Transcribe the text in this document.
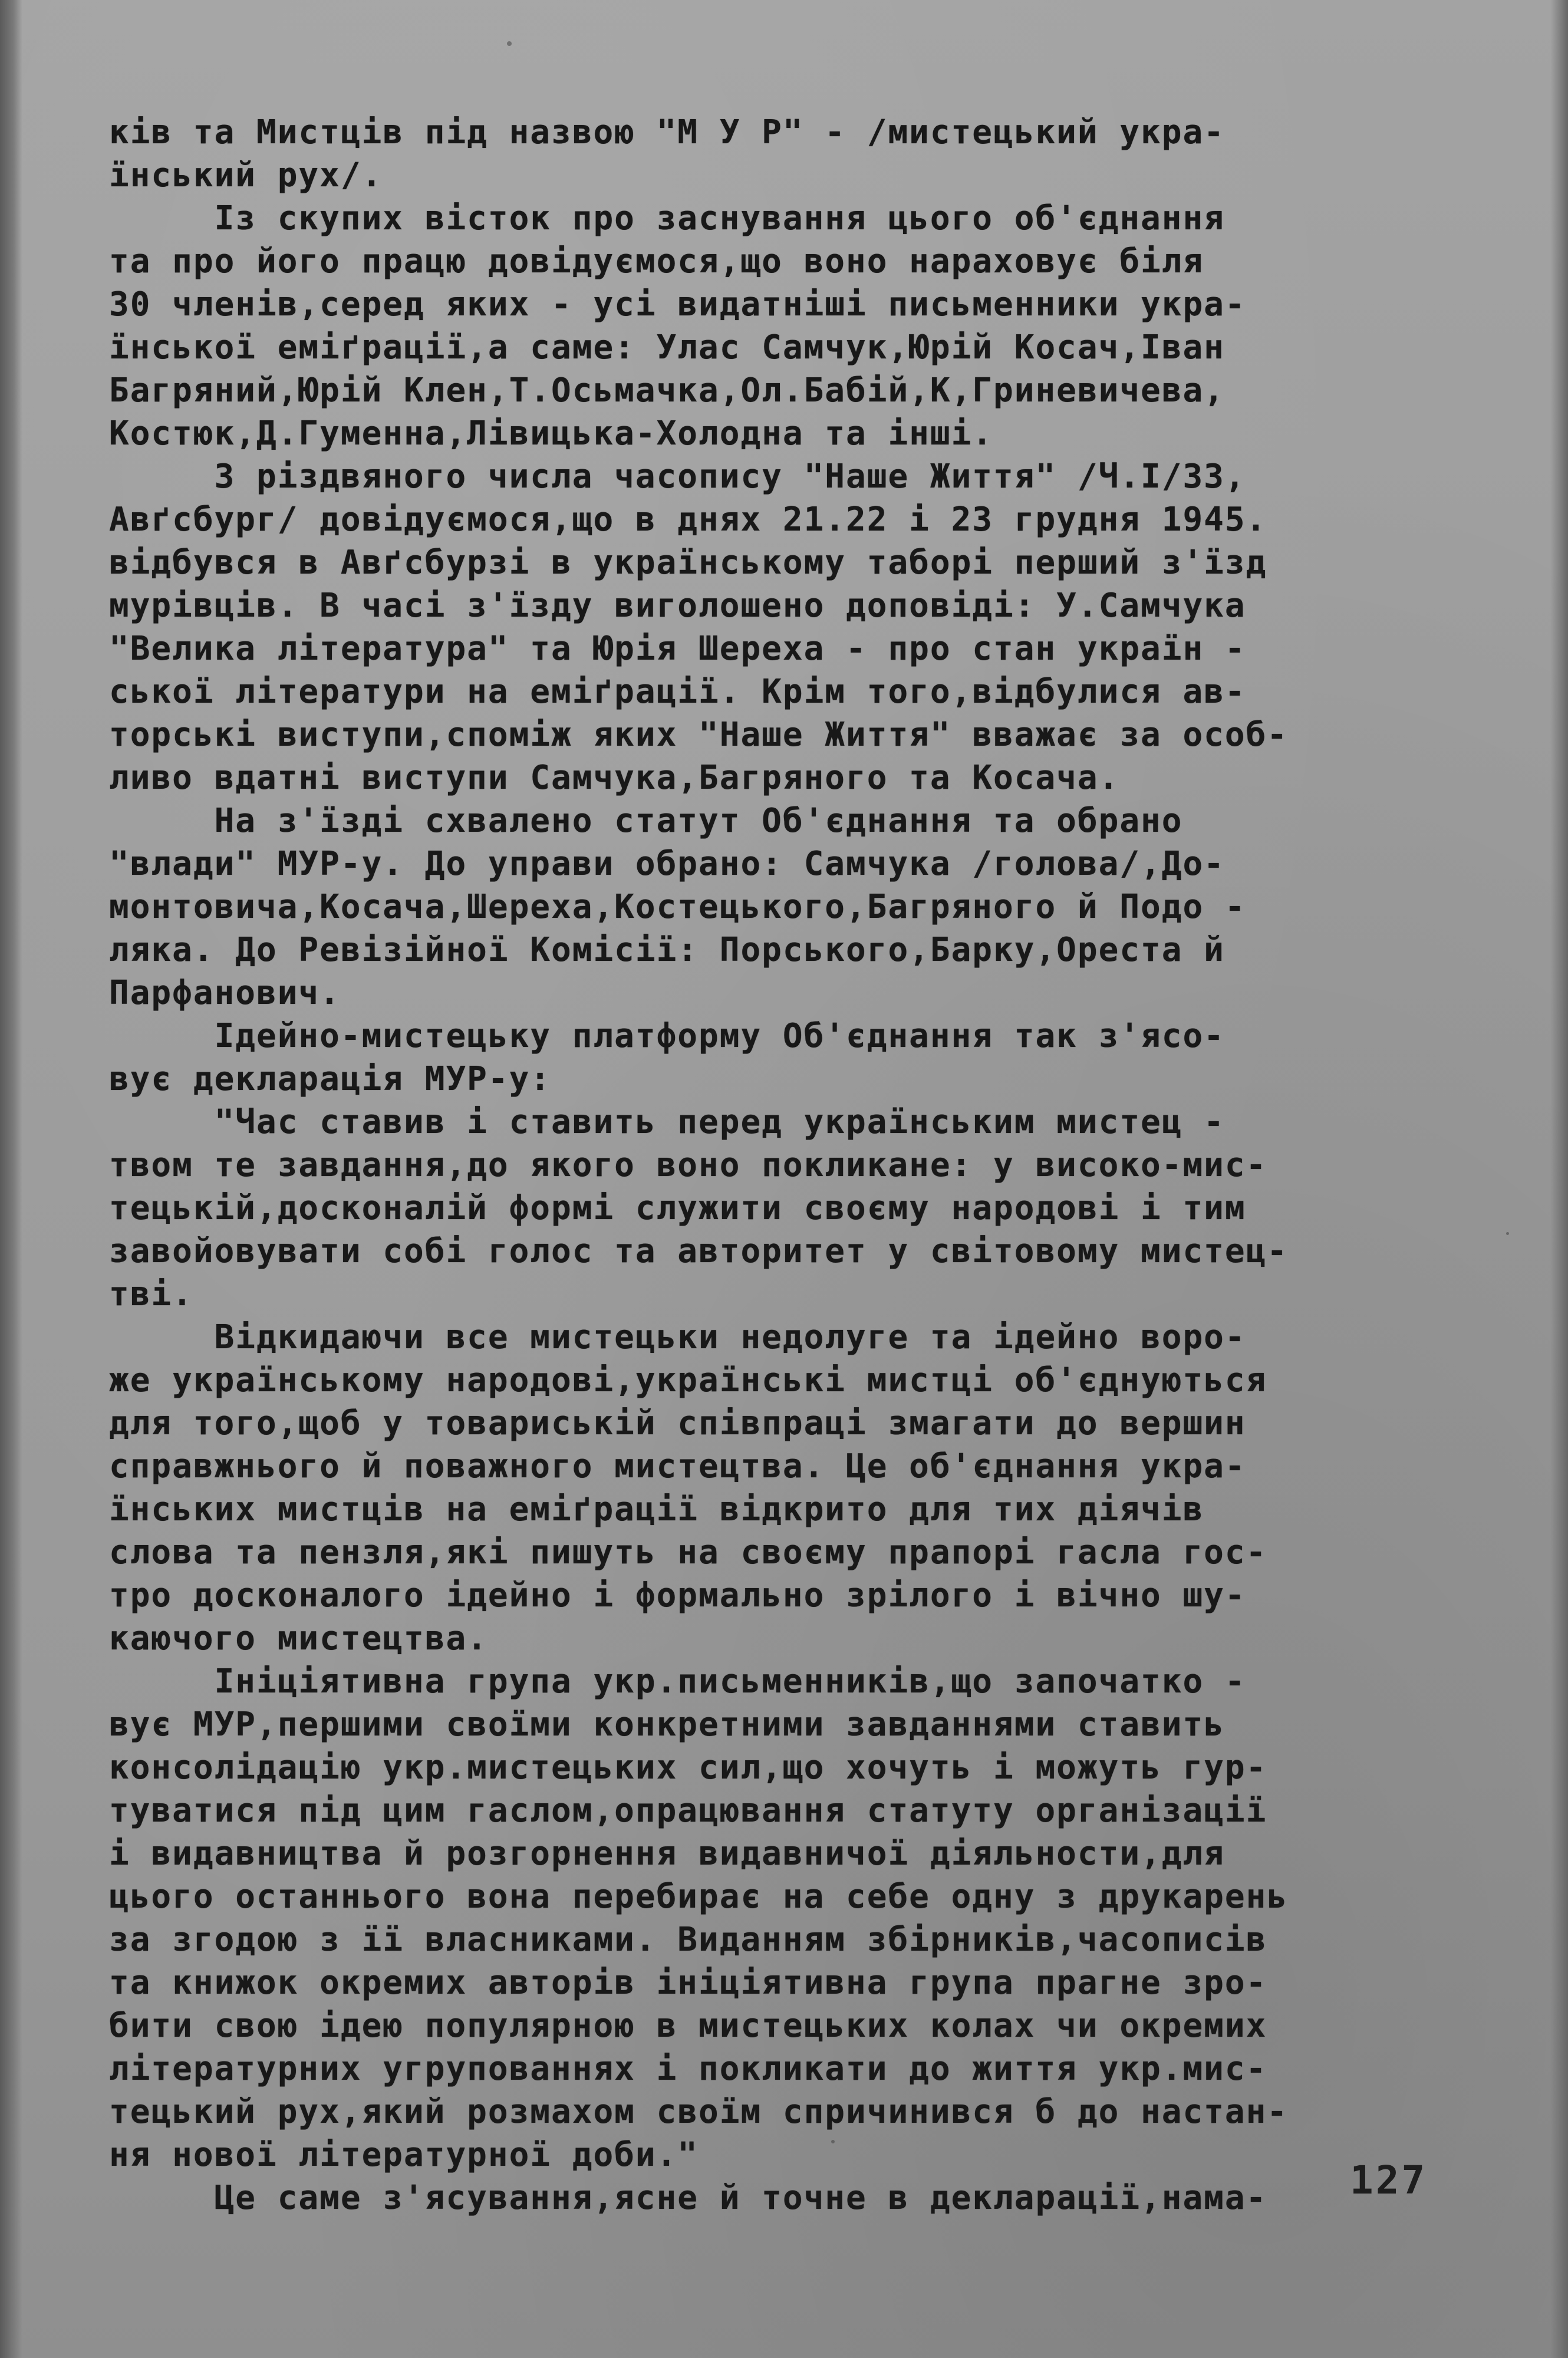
ків та Мистців під назвою "М У Р" - /мистецький укра-
їнський рух/.
Із скупих вісток про заснування цього об'єднання
та про його працю довідуємося,що воно нараховує біля
30 членів,серед яких - усі видатніші письменники укра-
їнської еміґрації,а саме: Улас Самчук,Юрій Косач,Іван
Багряний,Юрій Клен,Т.Осьмачка,Ол.Бабій,К,Гриневичева,
Костюк,Д.Гуменна,Лівицька-Холодна та інші.
З різдвяного числа часопису "Наше Життя" /Ч.I/33,
Авґсбург/ довідуємося,що в днях 21.22 і 23 грудня 1945.
відбувся в Авґсбурзі в українському таборі перший з'їзд
мурівців. В часі з'їзду виголошено доповіді: У.Самчука
"Велика література" та Юрія Шереха - про стан україн -
ської літератури на еміґрації. Крім того,відбулися ав-
торські виступи,споміж яких "Наше Життя" вважає за особ-
ливо вдатні виступи Самчука,Багряного та Косача.
На з'їзді схвалено статут Об'єднання та обрано
"влади" МУР-у. До управи обрано: Самчука /голова/,До-
монтовича,Косача,Шереха,Костецького,Багряного й Подо -
ляка. До Ревізійної Комісії: Порського,Барку,Ореста й
Парфанович.
Ідейно-мистецьку платформу Об'єднання так з'ясо-
вує декларація МУР-у:
"Час ставив і ставить перед українським мистец -
твом те завдання,до якого воно покликане: у високо-мис-
тецькій,досконалій формі служити своєму народові і тим
завойовувати собі голос та авторитет у світовому мистец-
тві.
Відкидаючи все мистецьки недолуге та ідейно воро-
же українському народові,українські мистці об'єднуються
для того,щоб у товариській співпраці змагати до вершин
справжнього й поважного мистецтва. Це об'єднання укра-
їнських мистців на еміґрації відкрито для тих діячів
слова та пензля,які пишуть на своєму прапорі гасла гос-
тро досконалого ідейно і формально зрілого і вічно шу-
каючого мистецтва.
Ініціятивна група укр.письменників,що започатко -
вує МУР,першими своїми конкретними завданнями ставить
консолідацію укр.мистецьких сил,що хочуть і можуть гур-
туватися під цим гаслом,опрацювання статуту організації
і видавництва й розгорнення видавничої діяльности,для
цього останнього вона перебирає на себе одну з друкарень
за згодою з її власниками. Виданням збірників,часописів
та книжок окремих авторів ініціятивна група прагне зро-
бити свою ідею популярною в мистецьких колах чи окремих
літературних угрупованнях і покликати до життя укр.мис-
тецький рух,який розмахом своїм спричинився б до настан-
ня нової літературної доби."
Це саме з'ясування,ясне й точне в декларації,нама-	127
